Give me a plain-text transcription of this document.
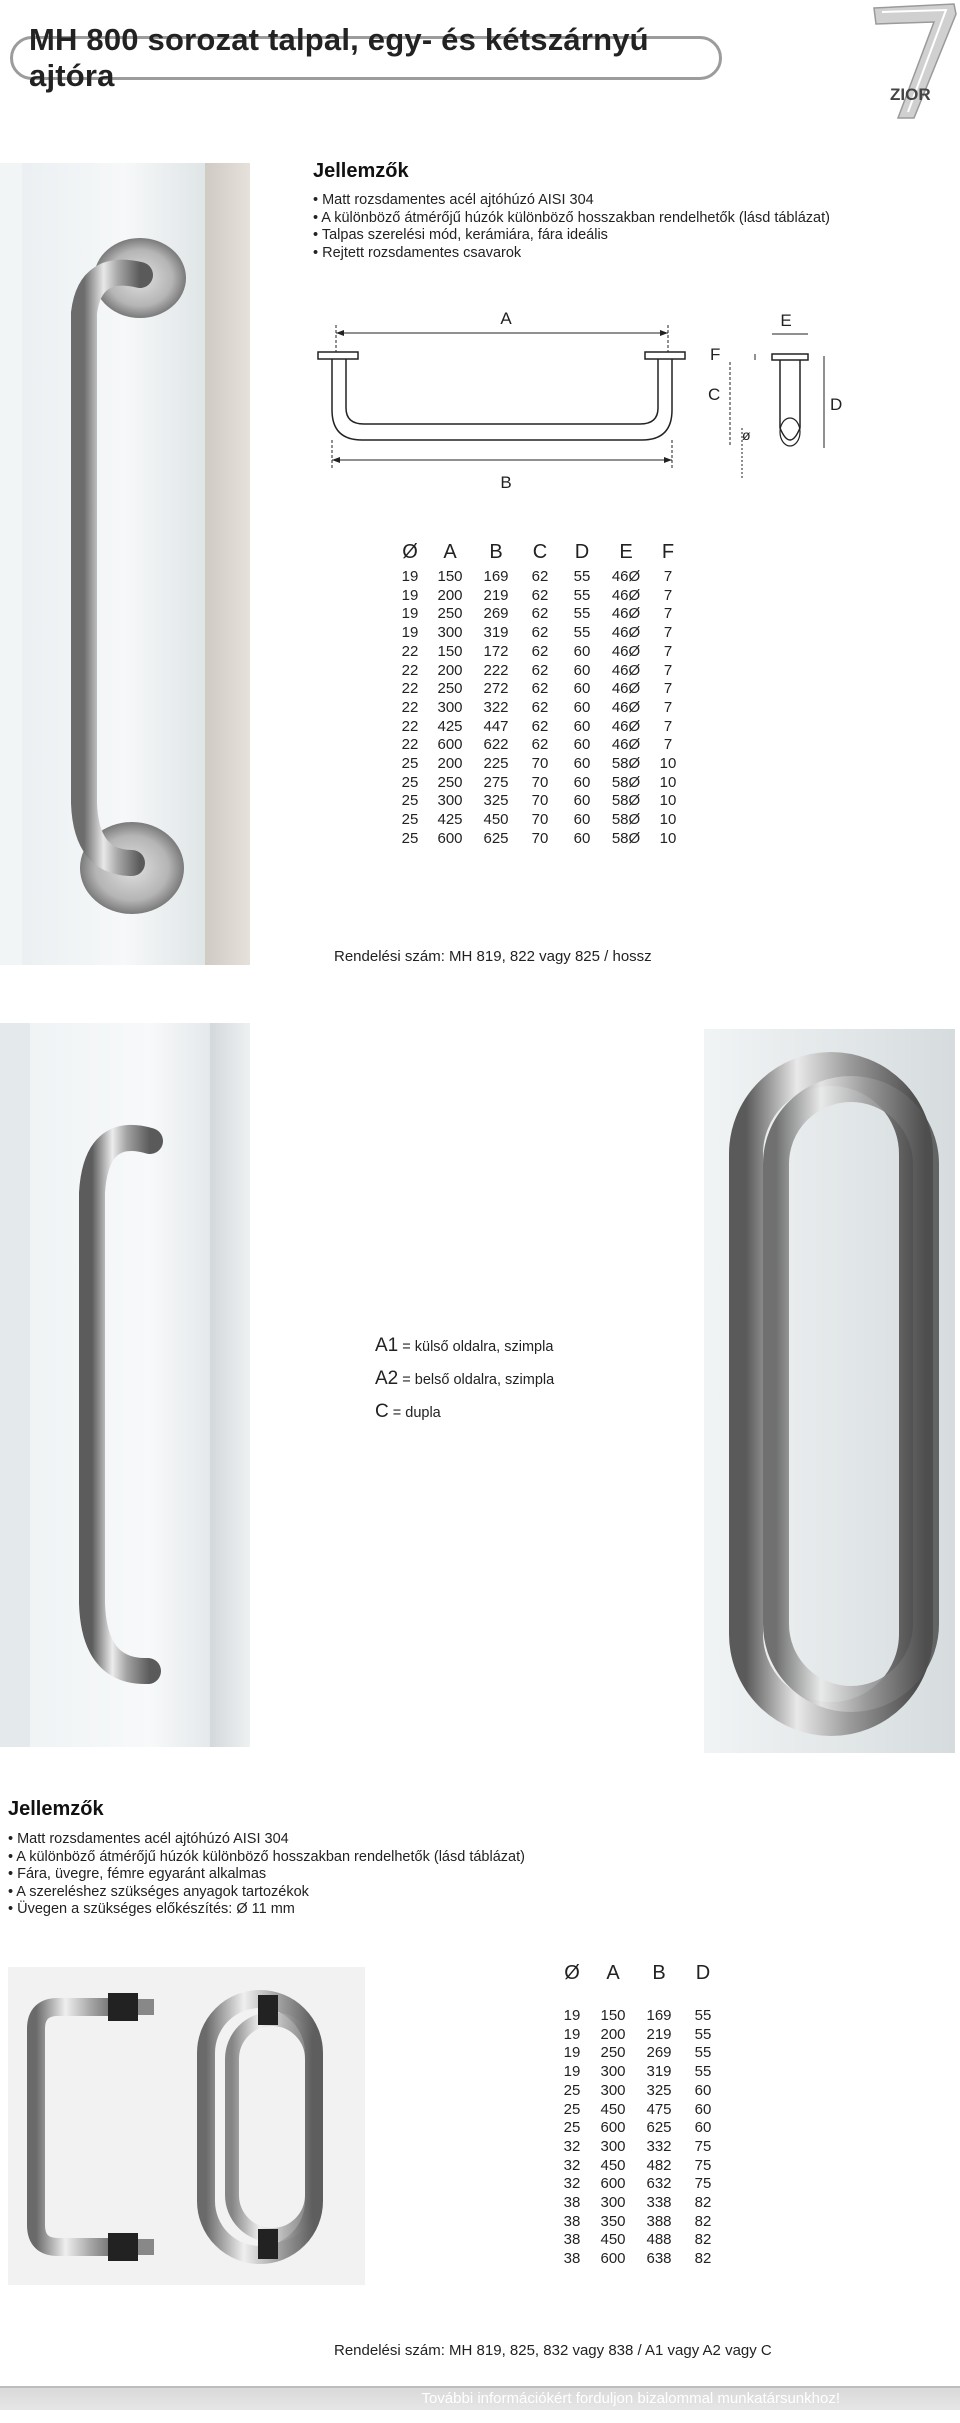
MH 800 sorozat talpal, egy- és kétszárnyú ajtóra
ZIOR
Jellemzők
• Matt rozsdamentes acél ajtóhúzó AISI 304
• A különböző átmérőjű húzók különböző hosszakban rendelhetők (lásd táblázat)
• Talpas szerelési mód, kerámiára, fára ideális
• Rejtett rozsdamentes csavarok
A
B
E
F
C
D
ø
Ø	A	B	C	D	E	F
19	150	169	62	55	46Ø	7
19	200	219	62	55	46Ø	7
19	250	269	62	55	46Ø	7
19	300	319	62	55	46Ø	7
22	150	172	62	60	46Ø	7
22	200	222	62	60	46Ø	7
22	250	272	62	60	46Ø	7
22	300	322	62	60	46Ø	7
22	425	447	62	60	46Ø	7
22	600	622	62	60	46Ø	7
25	200	225	70	60	58Ø	10
25	250	275	70	60	58Ø	10
25	300	325	70	60	58Ø	10
25	425	450	70	60	58Ø	10
25	600	625	70	60	58Ø	10
Rendelési szám: MH 819, 822 vagy 825 / hossz
A1 = külső oldalra, szimpla
A2 = belső oldalra, szimpla
C = dupla
Jellemzők
• Matt rozsdamentes acél ajtóhúzó AISI 304
• A különböző átmérőjű húzók különböző hosszakban rendelhetők (lásd táblázat)
• Fára, üvegre, fémre egyaránt alkalmas
• A szereléshez szükséges anyagok tartozékok
• Üvegen a szükséges előkészítés: Ø 11 mm
Ø	A	B	D
19	150	169	55
19	200	219	55
19	250	269	55
19	300	319	55
25	300	325	60
25	450	475	60
25	600	625	60
32	300	332	75
32	450	482	75
32	600	632	75
38	300	338	82
38	350	388	82
38	450	488	82
38	600	638	82
Rendelési szám: MH 819, 825, 832 vagy 838 / A1 vagy A2 vagy C
További információkért forduljon bizalommal munkatársunkhoz!
